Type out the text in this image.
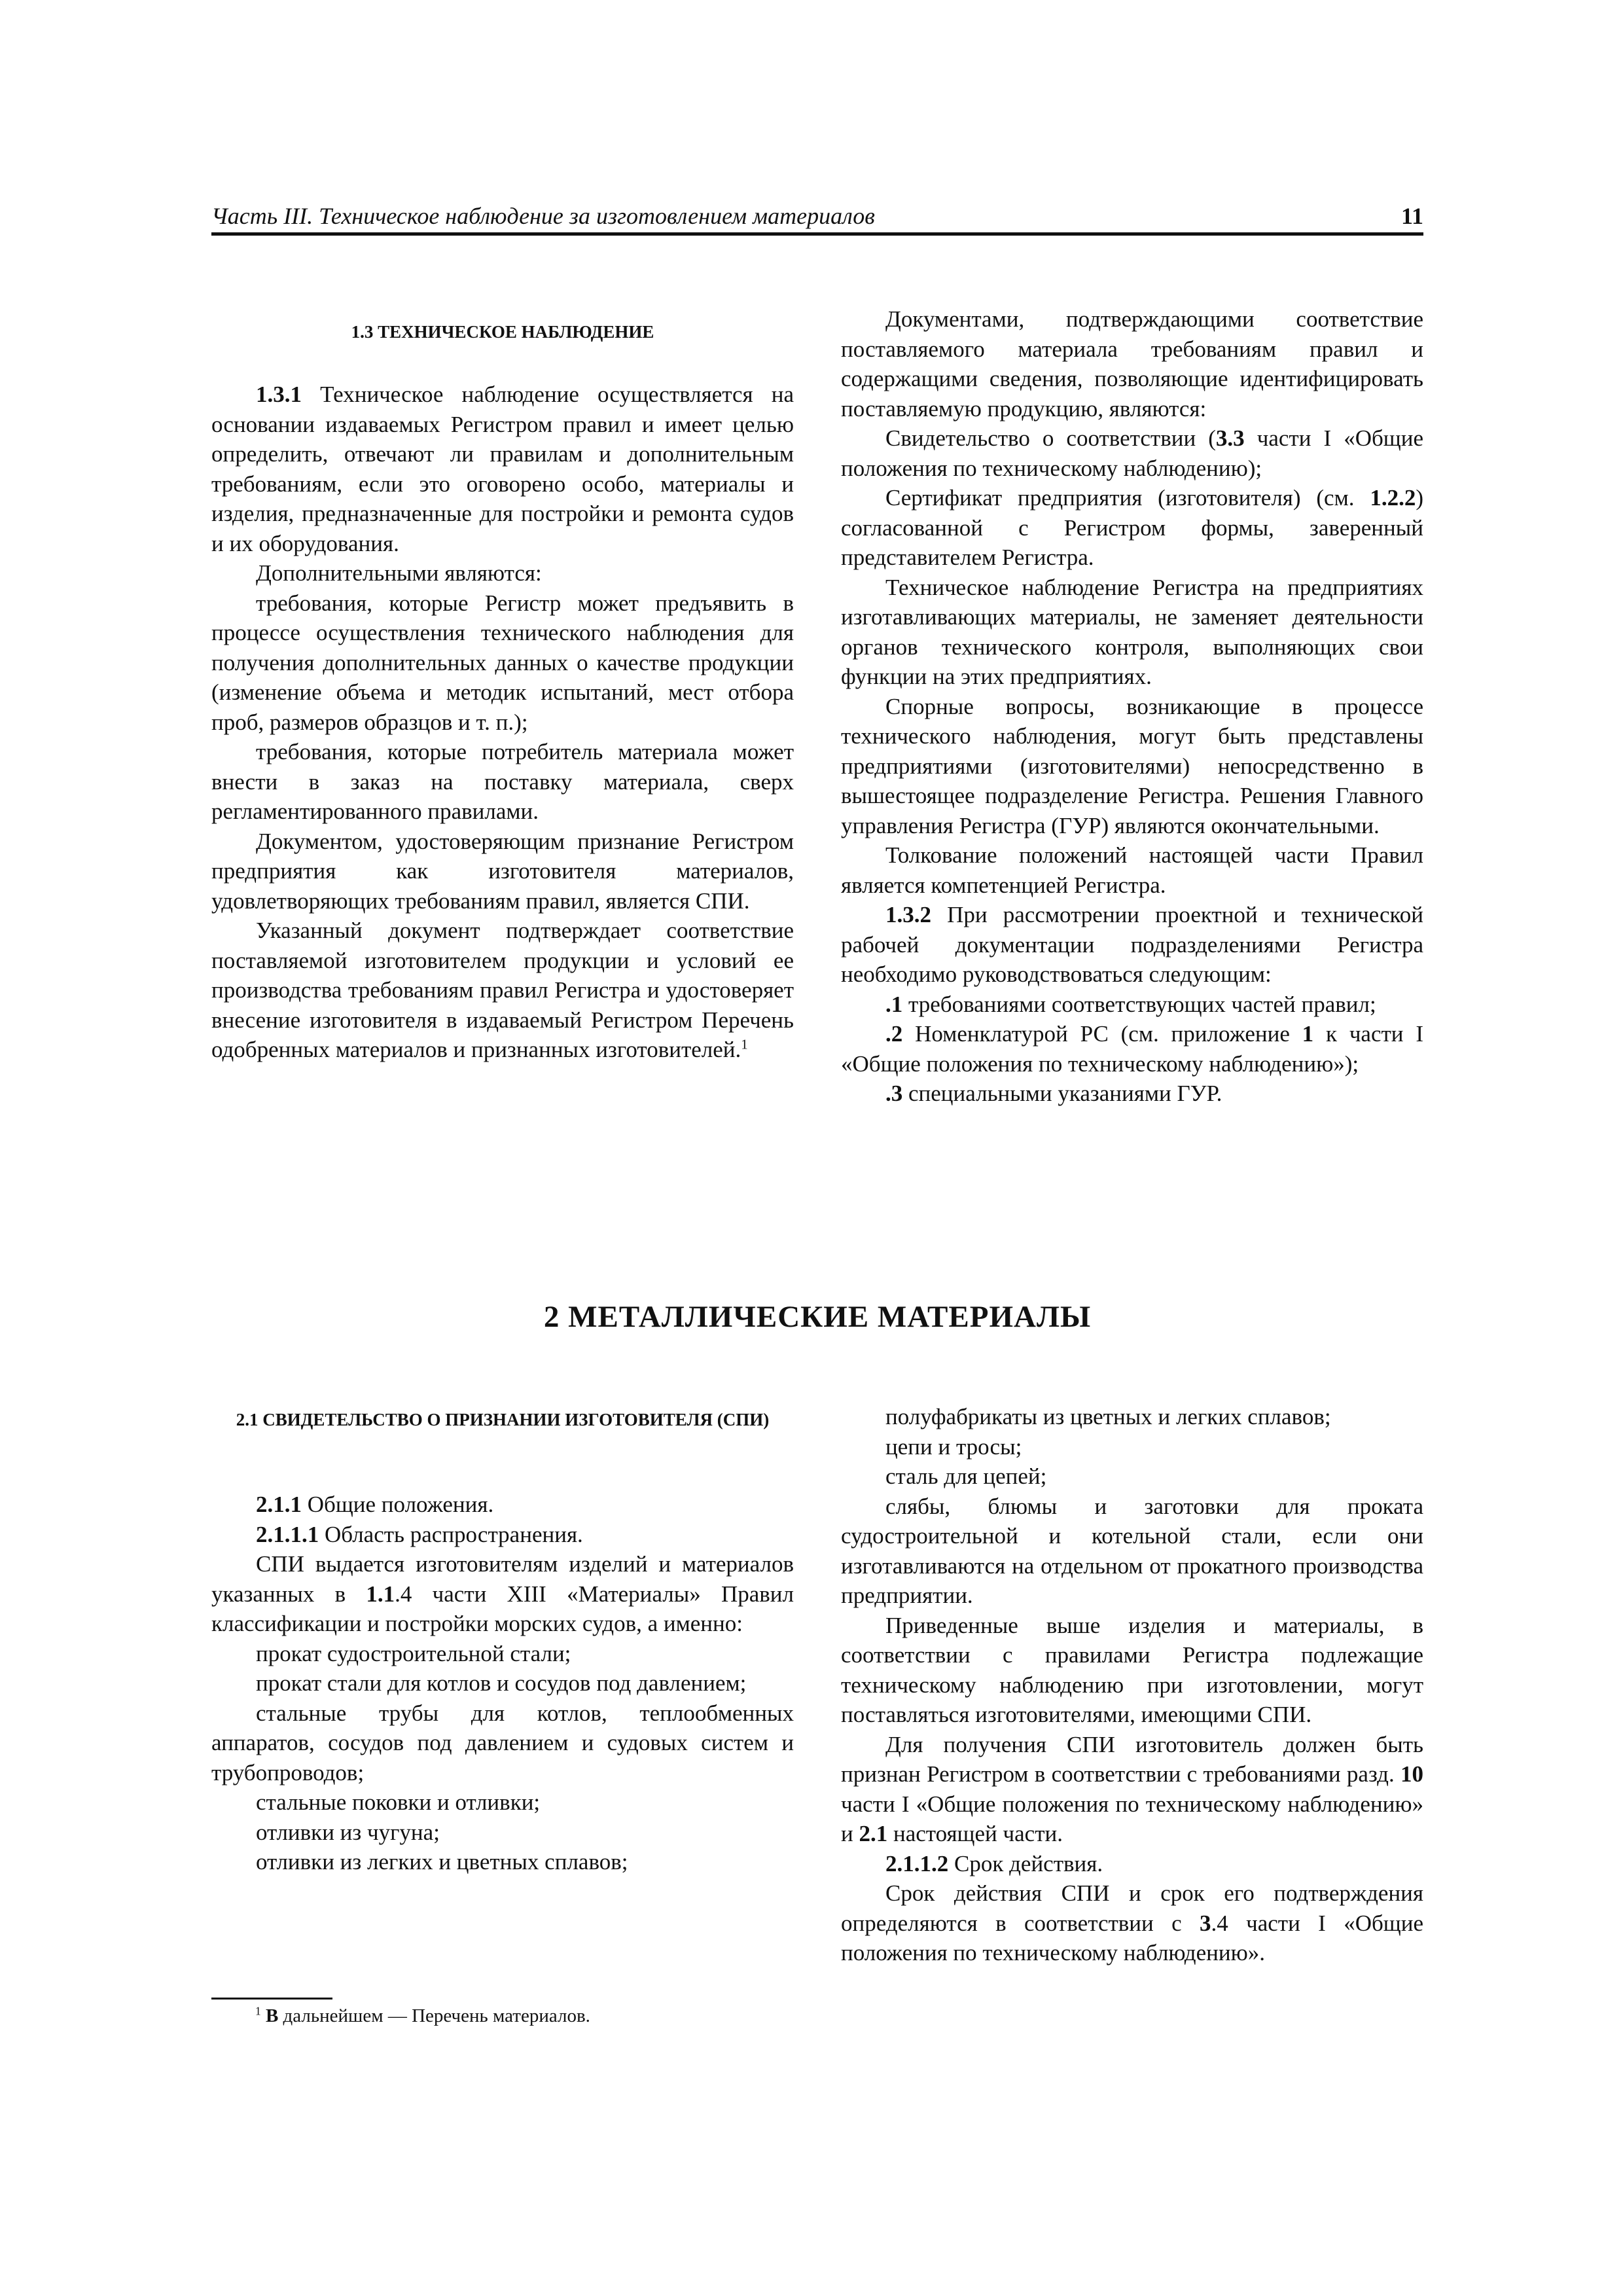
Часть III. Техническое наблюдение за изготовлением материалов	11
1.3 ТЕХНИЧЕСКОЕ НАБЛЮДЕНИЕ

1.3.1 Техническое наблюдение осуществляется на основании издаваемых Регистром правил и имеет целью определить, отвечают ли правилам и дополнительным требованиям, если это оговорено особо, материалы и изделия, предназначенные для постройки и ремонта судов и их оборудования.

Дополнительными являются:

требования, которые Регистр может предъявить в процессе осуществления технического наблюдения для получения дополнительных данных о качестве продукции (изменение объема и методик испытаний, мест отбора проб, размеров образцов и т. п.);

требования, которые потребитель материала может внести в заказ на поставку материала, сверх регламентированного правилами.

Документом, удостоверяющим признание Регистром предприятия как изготовителя материалов, удовлетворяющих требованиям правил, является СПИ.

Указанный документ подтверждает соответствие поставляемой изготовителем продукции и условий ее производства требованиям правил Регистра и удостоверяет внесение изготовителя в издаваемый Регистром Перечень одобренных материалов и признанных изготовителей.$^1$

Документами, подтверждающими соответствие поставляемого материала требованиям правил и содержащими сведения, позволяющие идентифицировать поставляемую продукцию, являются:

Свидетельство о соответствии (3.3 части I «Общие положения по техническому наблюдению);

Сертификат предприятия (изготовителя) (см. 1.2.2) согласованной с Регистром формы, заверенный представителем Регистра.

Техническое наблюдение Регистра на предприятиях изготавливающих материалы, не заменяет деятельности органов технического контроля, выполняющих свои функции на этих предприятиях.

Спорные вопросы, возникающие в процессе технического наблюдения, могут быть представлены предприятиями (изготовителями) непосредственно в вышестоящее подразделение Регистра. Решения Главного управления Регистра (ГУР) являются окончательными.

Толкование положений настоящей части Правил является компетенцией Регистра.

1.3.2 При рассмотрении проектной и технической рабочей документации подразделениями Регистра необходимо руководствоваться следующим:

.1 требованиями соответствующих частей правил;

.2 Номенклатурой РС (см. приложение 1 к части I «Общие положения по техническому наблюдению»);

.3 специальными указаниями ГУР.

2 МЕТАЛЛИЧЕСКИЕ МАТЕРИАЛЫ
2.1 СВИДЕТЕЛЬСТВО О ПРИЗНАНИИ ИЗГОТОВИТЕЛЯ (СПИ)

2.1.1 Общие положения.

2.1.1.1 Область распространения.

СПИ выдается изготовителям изделий и материалов указанных в 1.1.4 части XIII «Материалы» Правил классификации и постройки морских судов, а именно:

прокат судостроительной стали;

прокат стали для котлов и сосудов под давлением;

стальные трубы для котлов, теплообменных аппаратов, сосудов под давлением и судовых систем и трубопроводов;

стальные поковки и отливки;

отливки из чугуна;

отливки из легких и цветных сплавов;

полуфабрикаты из цветных и легких сплавов;

цепи и тросы;

сталь для цепей;

слябы, блюмы и заготовки для проката судостроительной и котельной стали, если они изготавливаются на отдельном от прокатного производства предприятии.

Приведенные выше изделия и материалы, в соответствии с правилами Регистра подлежащие техническому наблюдению при изготовлении, могут поставляться изготовителями, имеющими СПИ.

Для получения СПИ изготовитель должен быть признан Регистром в соответствии с требованиями разд. 10 части I «Общие положения по техническому наблюдению» и 2.1 настоящей части.

2.1.1.2 Срок действия.

Срок действия СПИ и срок его подтверждения определяются в соответствии с 3.4 части I «Общие положения по техническому наблюдению».

$^1$ В дальнейшем — Перечень материалов.
